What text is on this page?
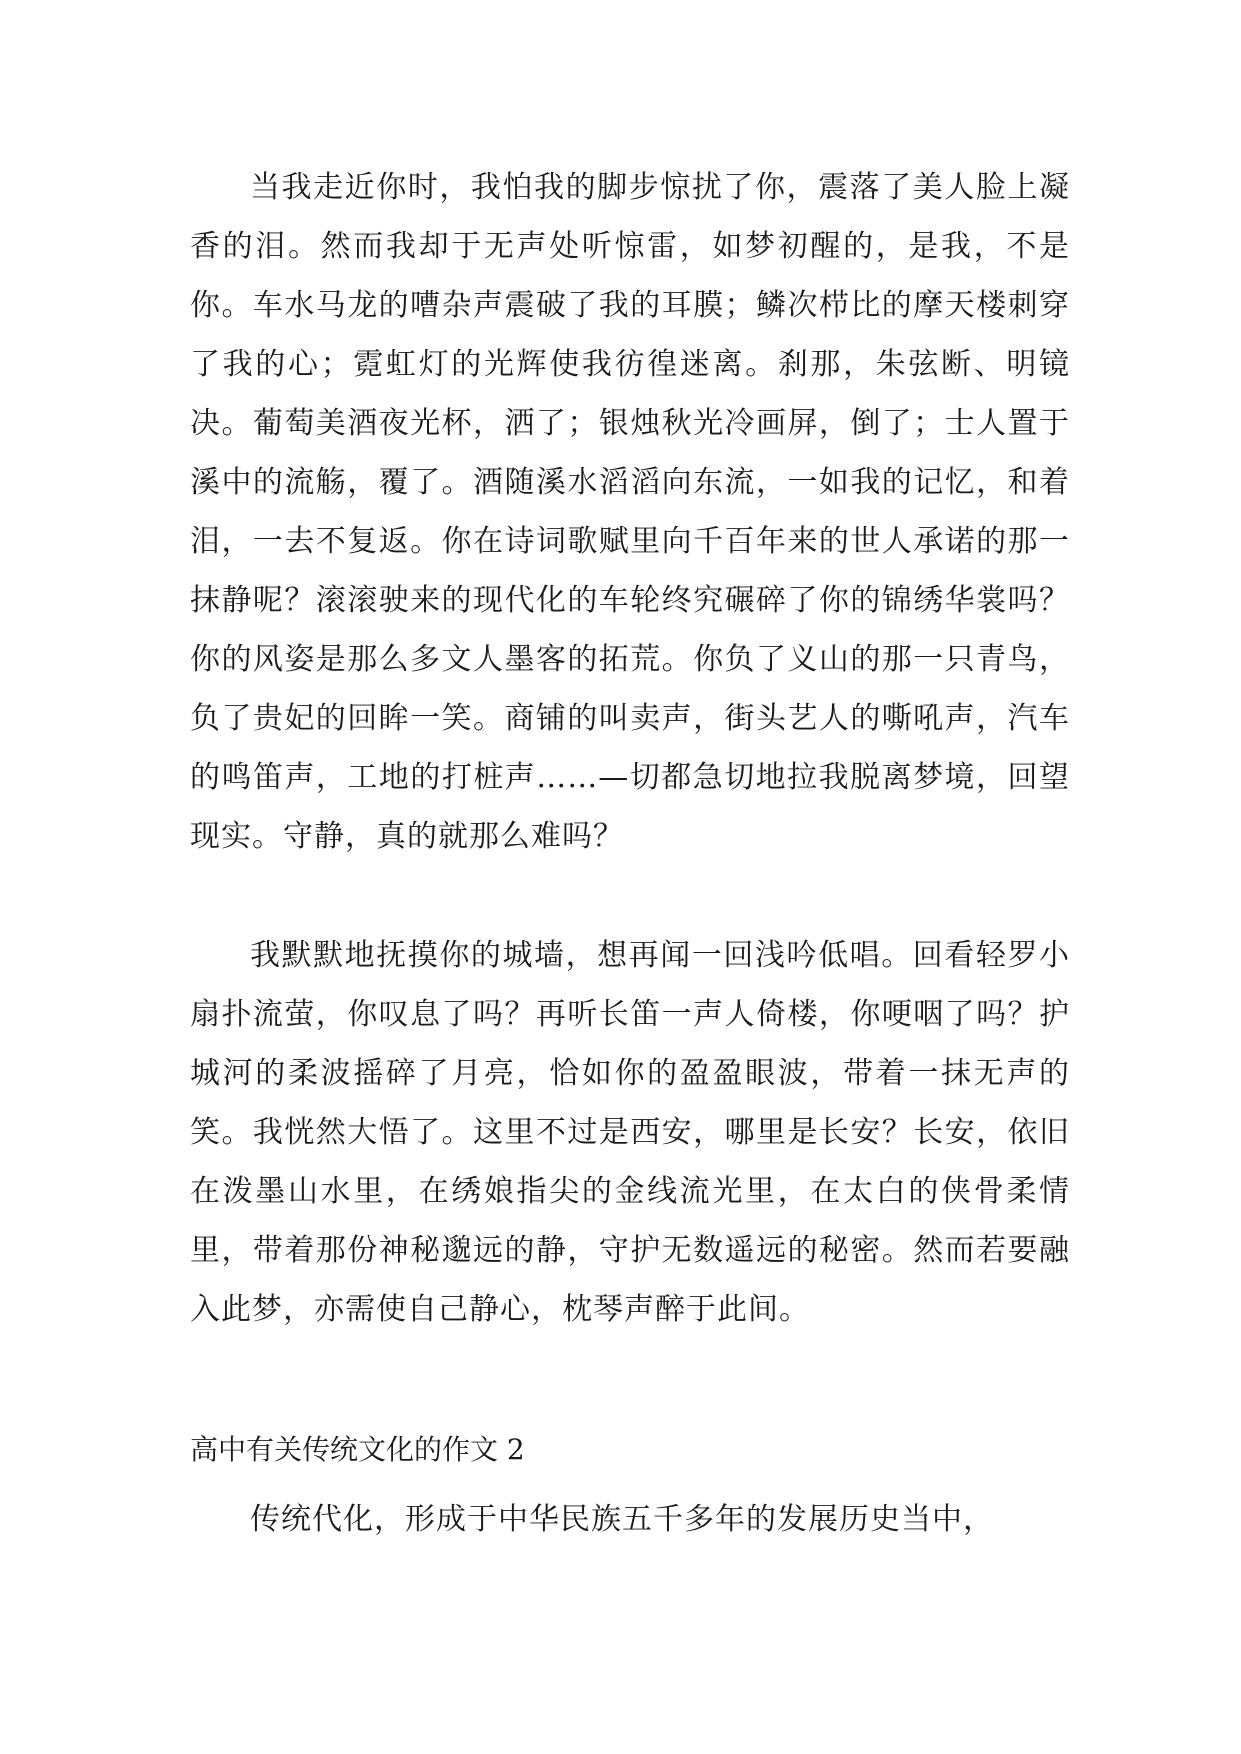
当我走近你时，我怕我的脚步惊扰了你，震落了美人脸上凝香的泪。然而我却于无声处听惊雷，如梦初醒的，是我，不是你。车水马龙的嘈杂声震破了我的耳膜；鳞次栉比的摩天楼刺穿了我的心；霓虹灯的光辉使我彷徨迷离。刹那，朱弦断、明镜决。葡萄美酒夜光杯，洒了；银烛秋光冷画屏，倒了；士人置于溪中的流觞，覆了。酒随溪水滔滔向东流，一如我的记忆，和着泪，一去不复返。你在诗词歌赋里向千百年来的世人承诺的那一抹静呢？滚滚驶来的现代化的车轮终究碾碎了你的锦绣华裳吗？你的风姿是那么多文人墨客的拓荒。你负了义山的那一只青鸟，负了贵妃的回眸一笑。商铺的叫卖声，街头艺人的嘶吼声，汽车的鸣笛声，工地的打桩声……—切都急切地拉我脱离梦境，回望现实。守静，真的就那么难吗？

我默默地抚摸你的城墙，想再闻一回浅吟低唱。回看轻罗小扇扑流萤，你叹息了吗？再听长笛一声人倚楼，你哽咽了吗？护城河的柔波摇碎了月亮，恰如你的盈盈眼波，带着一抹无声的笑。我恍然大悟了。这里不过是西安，哪里是长安？长安，依旧在泼墨山水里，在绣娘指尖的金线流光里，在太白的侠骨柔情里，带着那份神秘邈远的静，守护无数遥远的秘密。然而若要融入此梦，亦需使自己静心，枕琴声醉于此间。

高中有关传统文化的作文 2

传统代化，形成于中华民族五千多年的发展历史当中，
